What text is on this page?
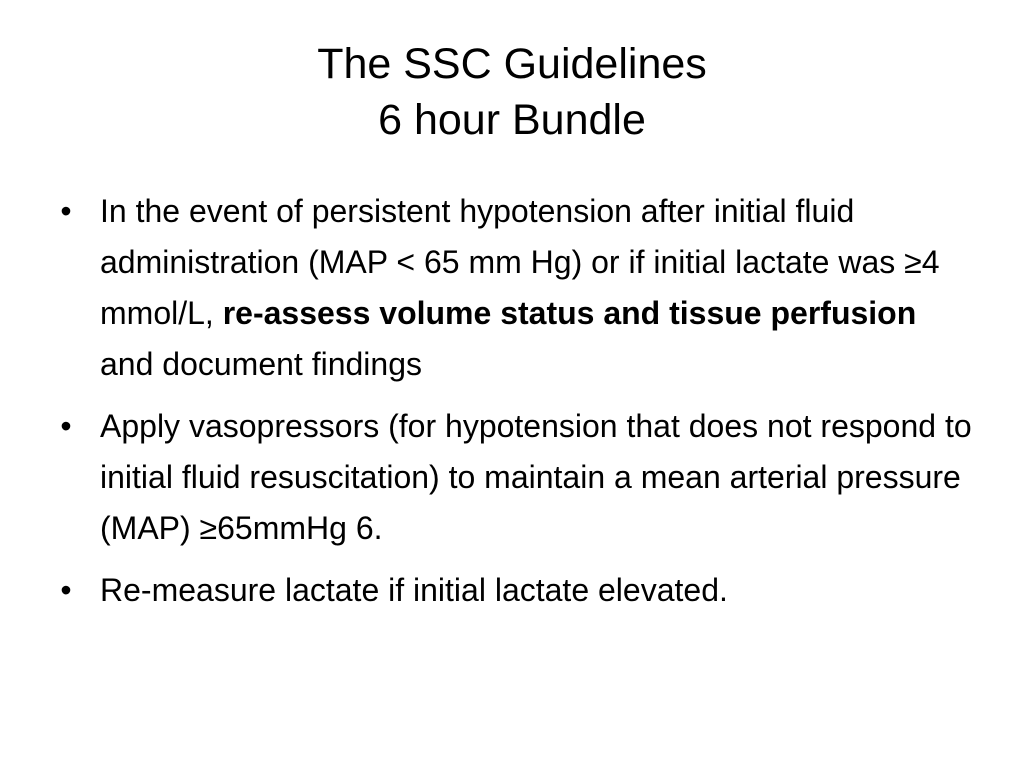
The SSC Guidelines
6 hour Bundle
• In the event of persistent hypotension after initial fluid administration (MAP < 65 mm Hg) or if initial lactate was ≥4 mmol/L, re-assess volume status and tissue perfusion and document findings
• Apply vasopressors (for hypotension that does not respond to initial fluid resuscitation) to maintain a mean arterial pressure (MAP) ≥65mmHg 6.
• Re-measure lactate if initial lactate elevated.
